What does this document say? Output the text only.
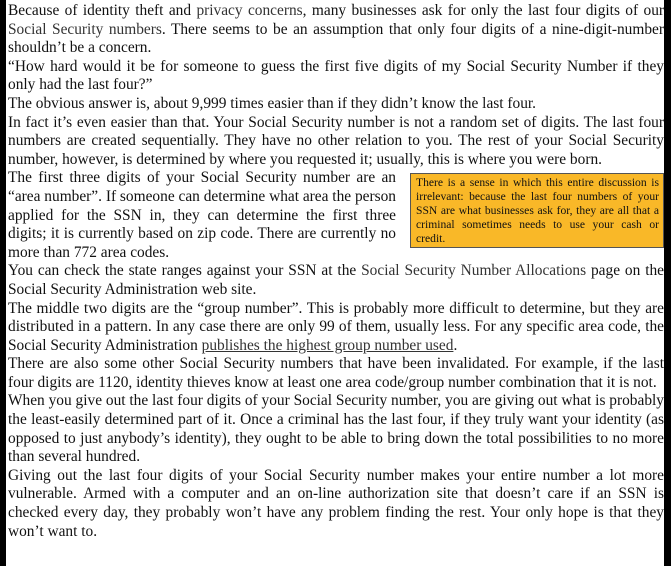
Because of identity theft and privacy concerns, many businesses ask for only the last four digits of our Social Security numbers. There seems to be an assumption that only four digits of a nine-digit-number shouldn’t be a concern.

“How hard would it be for someone to guess the first five digits of my Social Security Number if they only had the last four?”

The obvious answer is, about 9,999 times easier than if they didn’t know the last four.

In fact it’s even easier than that. Your Social Security number is not a random set of digits. The last four numbers are created sequentially. They have no other relation to you. The rest of your Social Security number, however, is determined by where you requested it; usually, this is where you were born.

There is a sense in which this entire discussion is irrelevant: because the last four numbers of your SSN are what businesses ask for, they are all that a criminal sometimes needs to use your cash or credit.

The first three digits of your Social Security number are an “area number”. If someone can determine what area the person applied for the SSN in, they can determine the first three digits; it is currently based on zip code. There are currently no more than 772 area codes.

You can check the state ranges against your SSN at the Social Security Number Allocations page on the Social Security Administration web site.

The middle two digits are the “group number”. This is probably more difficult to determine, but they are distributed in a pattern. In any case there are only 99 of them, usually less. For any specific area code, the Social Security Administration publishes the highest group number used.

There are also some other Social Security numbers that have been invalidated. For example, if the last four digits are 1120, identity thieves know at least one area code/group number combination that it is not.

When you give out the last four digits of your Social Security number, you are giving out what is probably the least-easily determined part of it. Once a criminal has the last four, if they truly want your identity (as opposed to just anybody’s identity), they ought to be able to bring down the total possibilities to no more than several hundred.

Giving out the last four digits of your Social Security number makes your entire number a lot more vulnerable. Armed with a computer and an on-line authorization site that doesn’t care if an SSN is checked every day, they probably won’t have any problem finding the rest. Your only hope is that they won’t want to.
